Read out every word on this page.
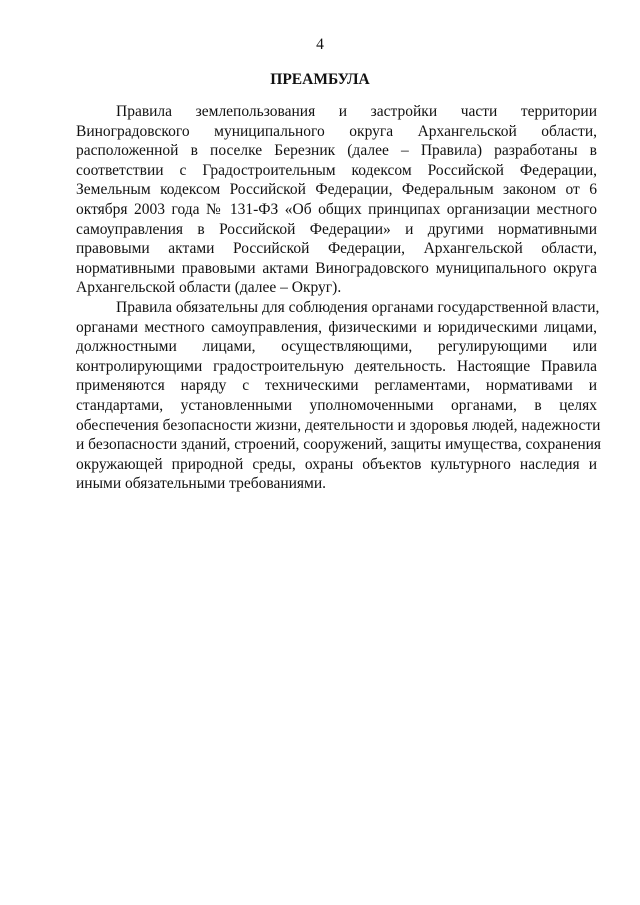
4
ПРЕАМБУЛА
Правила землепользования и застройки части территории
Виноградовского муниципального округа Архангельской области,
расположенной в поселке Березник (далее – Правила) разработаны в
соответствии с Градостроительным кодексом Российской Федерации,
Земельным кодексом Российской Федерации, Федеральным законом от 6
октября 2003 года № 131-ФЗ «Об общих принципах организации местного
самоуправления в Российской Федерации» и другими нормативными
правовыми актами Российской Федерации, Архангельской области,
нормативными правовыми актами Виноградовского муниципального округа
Архангельской области (далее – Округ).
Правила обязательны для соблюдения органами государственной власти,
органами местного самоуправления, физическими и юридическими лицами,
должностными лицами, осуществляющими, регулирующими или
контролирующими градостроительную деятельность. Настоящие Правила
применяются наряду с техническими регламентами, нормативами и
стандартами, установленными уполномоченными органами, в целях
обеспечения безопасности жизни, деятельности и здоровья людей, надежности
и безопасности зданий, строений, сооружений, защиты имущества, сохранения
окружающей природной среды, охраны объектов культурного наследия и
иными обязательными требованиями.
